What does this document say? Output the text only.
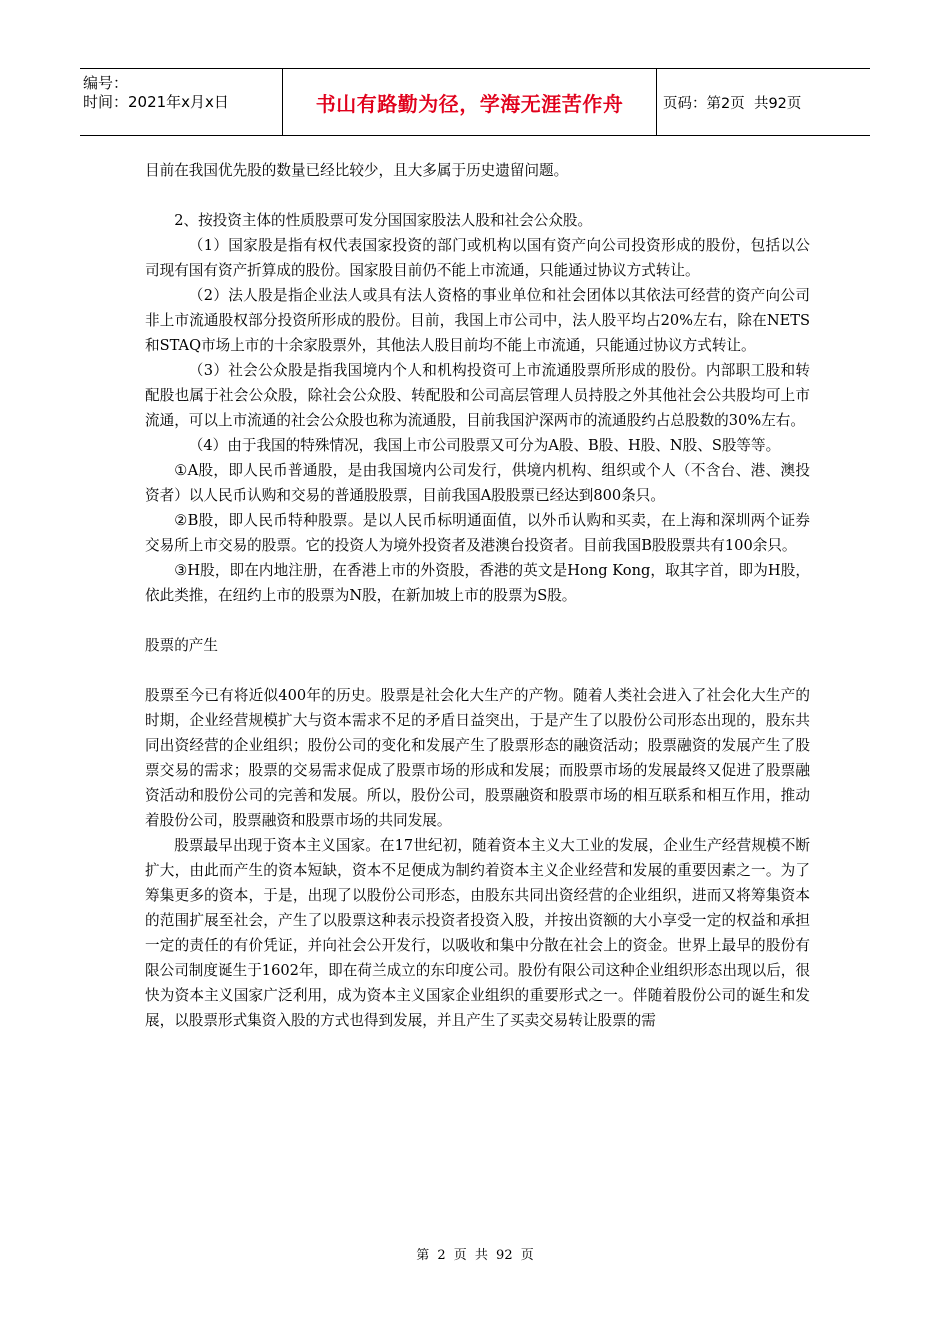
编号：
时间：2021年x月x日	书山有路勤为径，学海无涯苦作舟	页码：第2页  共92页

目前在我国优先股的数量已经比较少，且大多属于历史遗留问题。

2、按投资主体的性质股票可发分国国家股法人股和社会公众股。

（1）国家股是指有权代表国家投资的部门或机构以国有资产向公司投资形成的股份，包括以公司现有国有资产折算成的股份。国家股目前仍不能上市流通，只能通过协议方式转让。

（2）法人股是指企业法人或具有法人资格的事业单位和社会团体以其依法可经营的资产向公司非上市流通股权部分投资所形成的股份。目前，我国上市公司中，法人股平均占20%左右，除在NETS和STAQ市场上市的十余家股票外，其他法人股目前均不能上市流通，只能通过协议方式转让。

（3）社会公众股是指我国境内个人和机构投资可上市流通股票所形成的股份。内部职工股和转配股也属于社会公众股，除社会公众股、转配股和公司高层管理人员持股之外其他社会公共股均可上市流通，可以上市流通的社会公众股也称为流通股，目前我国沪深两市的流通股约占总股数的30%左右。

（4）由于我国的特殊情况，我国上市公司股票又可分为A股、B股、H股、N股、S股等等。

①A股，即人民币普通股，是由我国境内公司发行，供境内机构、组织或个人（不含台、港、澳投资者）以人民币认购和交易的普通股股票，目前我国A股股票已经达到800条只。

②B股，即人民币特种股票。是以人民币标明通面值，以外币认购和买卖，在上海和深圳两个证券交易所上市交易的股票。它的投资人为境外投资者及港澳台投资者。目前我国B股股票共有100余只。

③H股，即在内地注册，在香港上市的外资股，香港的英文是Hong Kong，取其字首，即为H股，依此类推，在纽约上市的股票为N股，在新加坡上市的股票为S股。

股票的产生

股票至今已有将近似400年的历史。股票是社会化大生产的产物。随着人类社会进入了社会化大生产的时期，企业经营规模扩大与资本需求不足的矛盾日益突出，于是产生了以股份公司形态出现的，股东共同出资经营的企业组织；股份公司的变化和发展产生了股票形态的融资活动；股票融资的发展产生了股票交易的需求；股票的交易需求促成了股票市场的形成和发展；而股票市场的发展最终又促进了股票融资活动和股份公司的完善和发展。所以，股份公司，股票融资和股票市场的相互联系和相互作用，推动着股份公司，股票融资和股票市场的共同发展。

股票最早出现于资本主义国家。在17世纪初，随着资本主义大工业的发展，企业生产经营规模不断扩大，由此而产生的资本短缺，资本不足便成为制约着资本主义企业经营和发展的重要因素之一。为了筹集更多的资本，于是，出现了以股份公司形态，由股东共同出资经营的企业组织，进而又将筹集资本的范围扩展至社会，产生了以股票这种表示投资者投资入股，并按出资额的大小享受一定的权益和承担一定的责任的有价凭证，并向社会公开发行，以吸收和集中分散在社会上的资金。世界上最早的股份有限公司制度诞生于1602年，即在荷兰成立的东印度公司。股份有限公司这种企业组织形态出现以后，很快为资本主义国家广泛利用，成为资本主义国家企业组织的重要形式之一。伴随着股份公司的诞生和发展，以股票形式集资入股的方式也得到发展，并且产生了买卖交易转让股票的需

第 2 页 共 92 页
